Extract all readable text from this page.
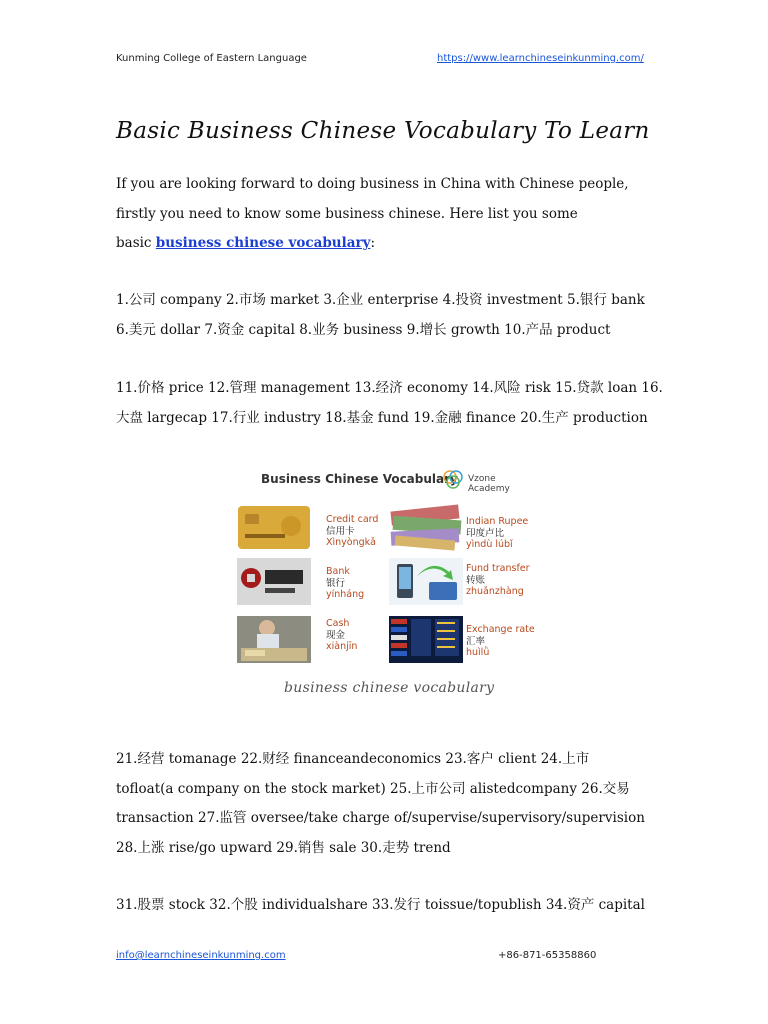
Kunming College of Eastern Language	https://www.learnchineseinkunming.com/
Basic Business Chinese Vocabulary To Learn
If you are looking forward to doing business in China with Chinese people,
firstly you need to know some business chinese. Here list you some
basic business chinese vocabulary:
1.公司 company 2.市场 market 3.企业 enterprise 4.投资 investment 5.银行 bank
6.美元 dollar 7.资金 capital 8.业务 business 9.增长 growth 10.产品 product
11.价格 price 12.管理 management 13.经济 economy 14.风险 risk 15.贷款 loan 16.
大盘 largecap 17.行业 industry 18.基金 fund 19.金融 finance 20.生产 production
Business Chinese Vocabulary Vzone Academy
Credit card
信用卡
Xìnyòngkǎ
Indian Rupee
印度卢比
yìndù lúbǐ
Bank
银行
yínháng
Fund transfer
转账
zhuǎnzhàng
Cash
现金
xiànjīn
Exchange rate
汇率
huìlǜ
business chinese vocabulary
21.经营 tomanage 22.财经 financeandeconomics 23.客户 client 24.上市
tofloat(a company on the stock market) 25.上市公司 alistedcompany 26.交易
transaction 27.监管 oversee/take charge of/supervise/supervisory/supervision
28.上涨 rise/go upward 29.销售 sale 30.走势 trend
31.股票 stock 32.个股 individualshare 33.发行 toissue/topublish 34.资产 capital
info@learnchineseinkunming.com	+86-871-65358860
